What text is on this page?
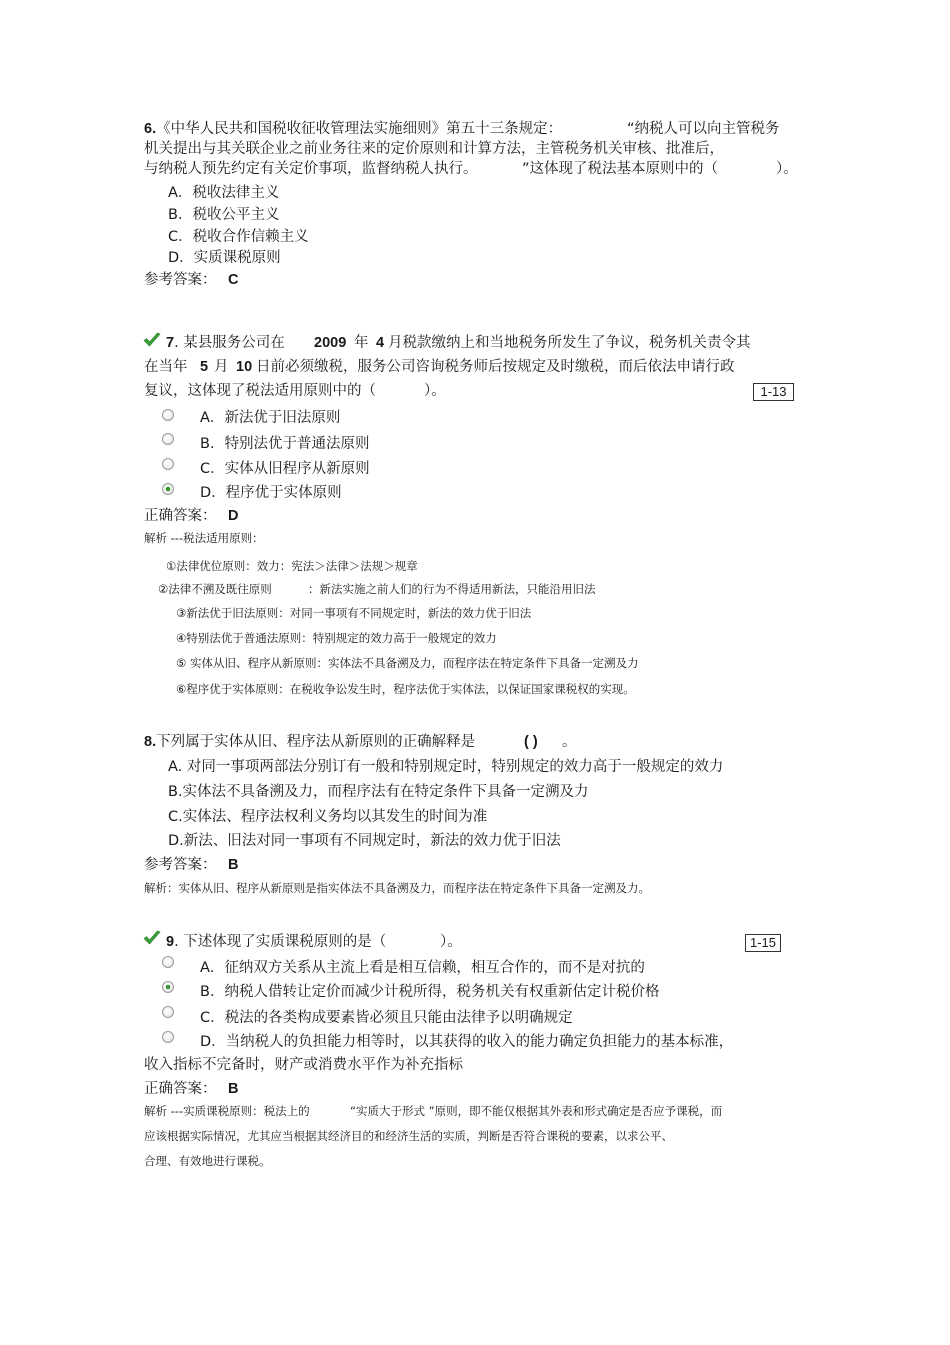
6.《中华人民共和国税收征收管理法实施细则》第五十三条规定：	“纳税人可以向主管税务
机关提出与其关联企业之前业务往来的定价原则和计算方法，主管税务机关审核、批准后，
与纳税人预先约定有关定价事项，监督纳税人执行。	”这体现了税法基本原则中的（	）。
A．税收法律主义
B．税收公平主义
C．税收合作信赖主义
D．实质课税原则
参考答案： C
7. 某县服务公司在 2009 年 4 月税款缴纳上和当地税务所发生了争议，税务机关责令其
在当年 5 月 10 日前必须缴税，服务公司咨询税务师后按规定及时缴税，而后依法申请行政
复议，这体现了税法适用原则中的（	）。	1-13
A．新法优于旧法原则
B．特别法优于普通法原则
C．实体从旧程序从新原则
D．程序优于实体原则
正确答案： D
解析 ---税法适用原则：
①法律优位原则：效力：宪法＞法律＞法规＞规章
②法律不溯及既往原则	：新法实施之前人们的行为不得适用新法，只能沿用旧法
③新法优于旧法原则：对同一事项有不同规定时，新法的效力优于旧法
④特别法优于普通法原则：特别规定的效力高于一般规定的效力
⑤ 实体从旧、程序从新原则：实体法不具备溯及力，而程序法在特定条件下具备一定溯及力
⑥程序优于实体原则：在税收争讼发生时，程序法优于实体法，以保证国家课税权的实现。
8.下列属于实体从旧、程序法从新原则的正确解释是	( ) 。
A. 对同一事项两部法分别订有一般和特别规定时，特别规定的效力高于一般规定的效力
B.实体法不具备溯及力，而程序法有在特定条件下具备一定溯及力
C.实体法、程序法权利义务均以其发生的时间为准
D.新法、旧法对同一事项有不同规定时，新法的效力优于旧法
参考答案： B
解析：实体从旧、程序从新原则是指实体法不具备溯及力，而程序法在特定条件下具备一定溯及力。
9. 下述体现了实质课税原则的是（	）。	1-15
A．征纳双方关系从主流上看是相互信赖，相互合作的，而不是对抗的
B．纳税人借转让定价而减少计税所得，税务机关有权重新估定计税价格
C．税法的各类构成要素皆必须且只能由法律予以明确规定
D．当纳税人的负担能力相等时，以其获得的收入的能力确定负担能力的基本标准，
收入指标不完备时，财产或消费水平作为补充指标
正确答案： B
解析 ---实质课税原则：税法上的	“实质大于形式 ”原则，即不能仅根据其外表和形式确定是否应予课税，而
应该根据实际情况，尤其应当根据其经济目的和经济生活的实质，判断是否符合课税的要素，以求公平、
合理、有效地进行课税。
